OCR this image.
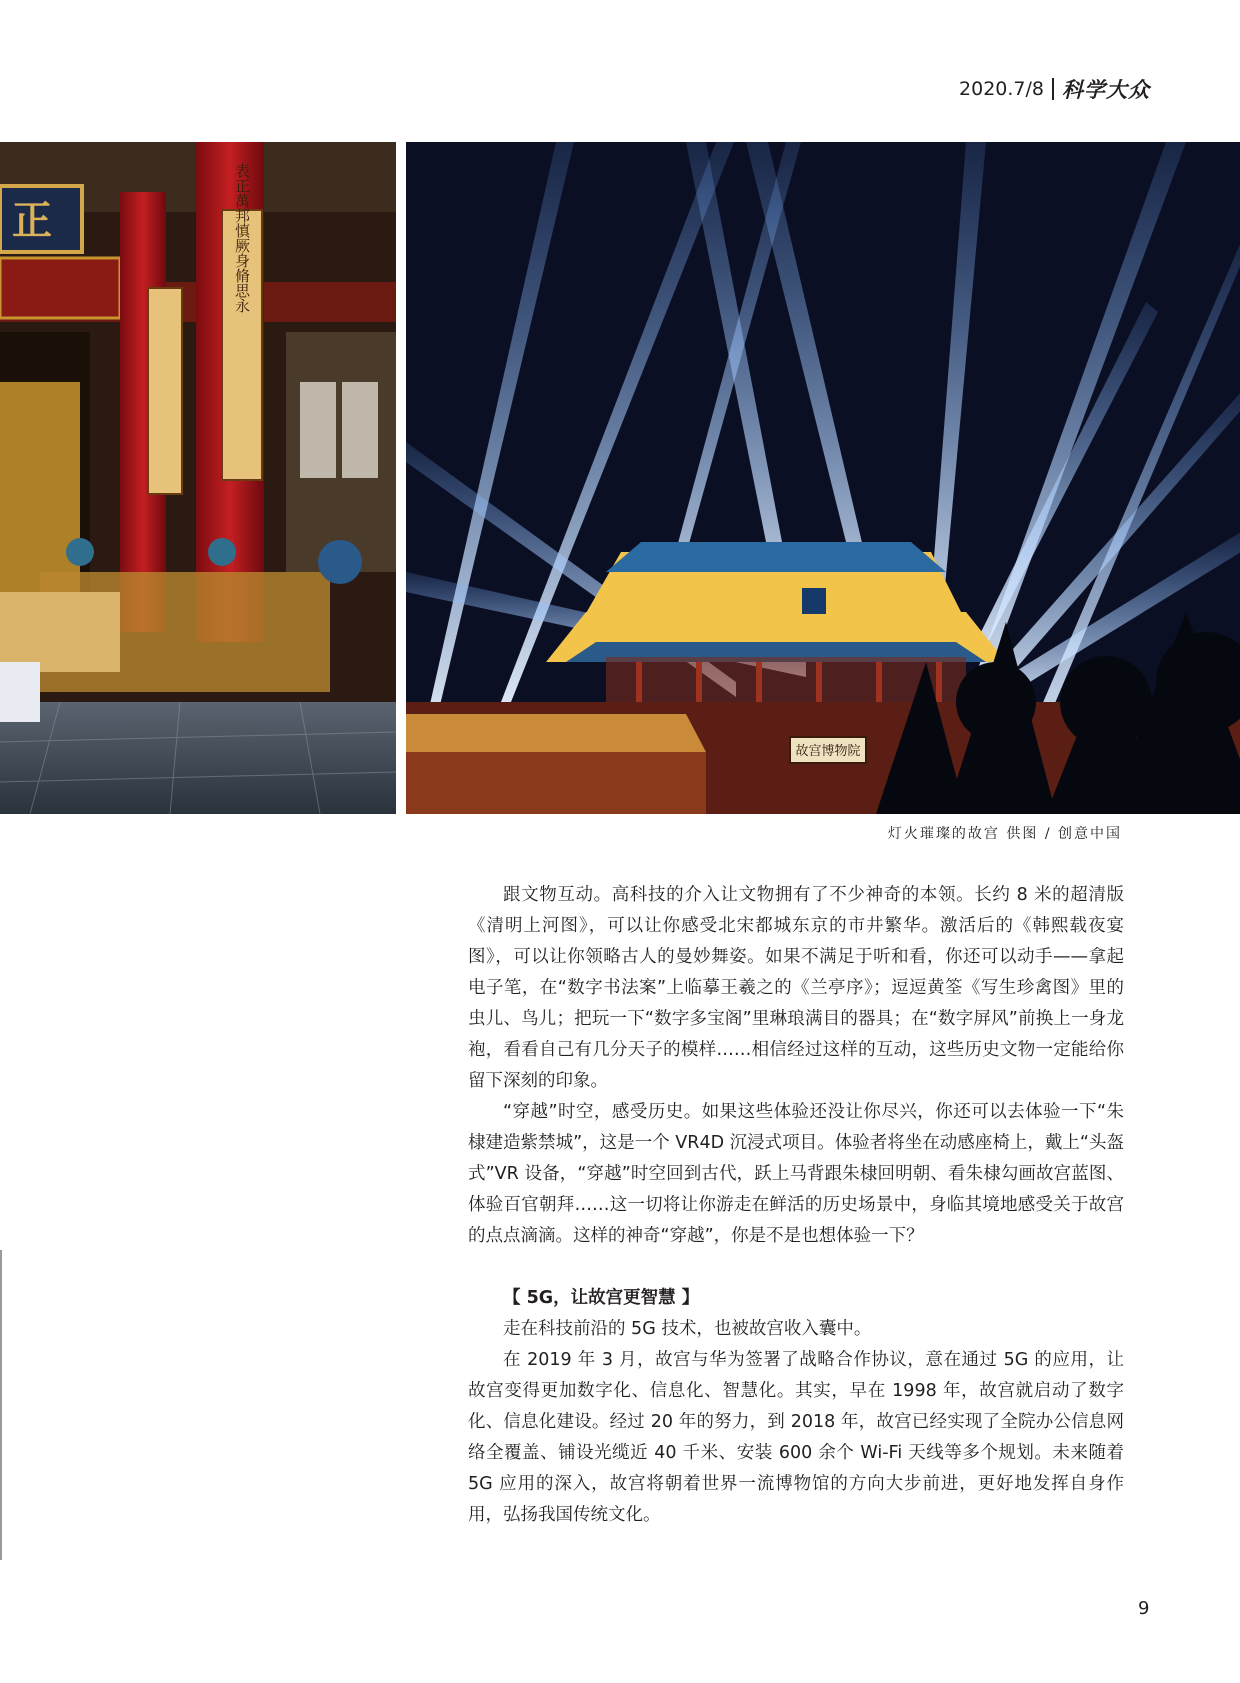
2020.7/8 科学大众
正	表正萬邦慎厥身脩思永
故宫博物院
灯火璀璨的故宫 供图 / 创意中国

跟文物互动。高科技的介入让文物拥有了不少神奇的本领。长约 8 米的超清版《清明上河图》，可以让你感受北宋都城东京的市井繁华。激活后的《韩熙载夜宴图》，可以让你领略古人的曼妙舞姿。如果不满足于听和看，你还可以动手——拿起电子笔，在“数字书法案”上临摹王羲之的《兰亭序》；逗逗黄筌《写生珍禽图》里的虫儿、鸟儿；把玩一下“数字多宝阁”里琳琅满目的器具；在“数字屏风”前换上一身龙袍，看看自己有几分天子的模样……相信经过这样的互动，这些历史文物一定能给你留下深刻的印象。

“穿越”时空，感受历史。如果这些体验还没让你尽兴，你还可以去体验一下“朱棣建造紫禁城”，这是一个 VR4D 沉浸式项目。体验者将坐在动感座椅上，戴上“头盔式”VR 设备，“穿越”时空回到古代，跃上马背跟朱棣回明朝、看朱棣勾画故宫蓝图、体验百官朝拜……这一切将让你游走在鲜活的历史场景中，身临其境地感受关于故宫的点点滴滴。这样的神奇“穿越”，你是不是也想体验一下？

【 5G，让故宫更智慧 】

走在科技前沿的 5G 技术，也被故宫收入囊中。

在 2019 年 3 月，故宫与华为签署了战略合作协议，意在通过 5G 的应用，让故宫变得更加数字化、信息化、智慧化。其实，早在 1998 年，故宫就启动了数字化、信息化建设。经过 20 年的努力，到 2018 年，故宫已经实现了全院办公信息网络全覆盖、铺设光缆近 40 千米、安装 600 余个 Wi-Fi 天线等多个规划。未来随着 5G 应用的深入，故宫将朝着世界一流博物馆的方向大步前进，更好地发挥自身作用，弘扬我国传统文化。

9
